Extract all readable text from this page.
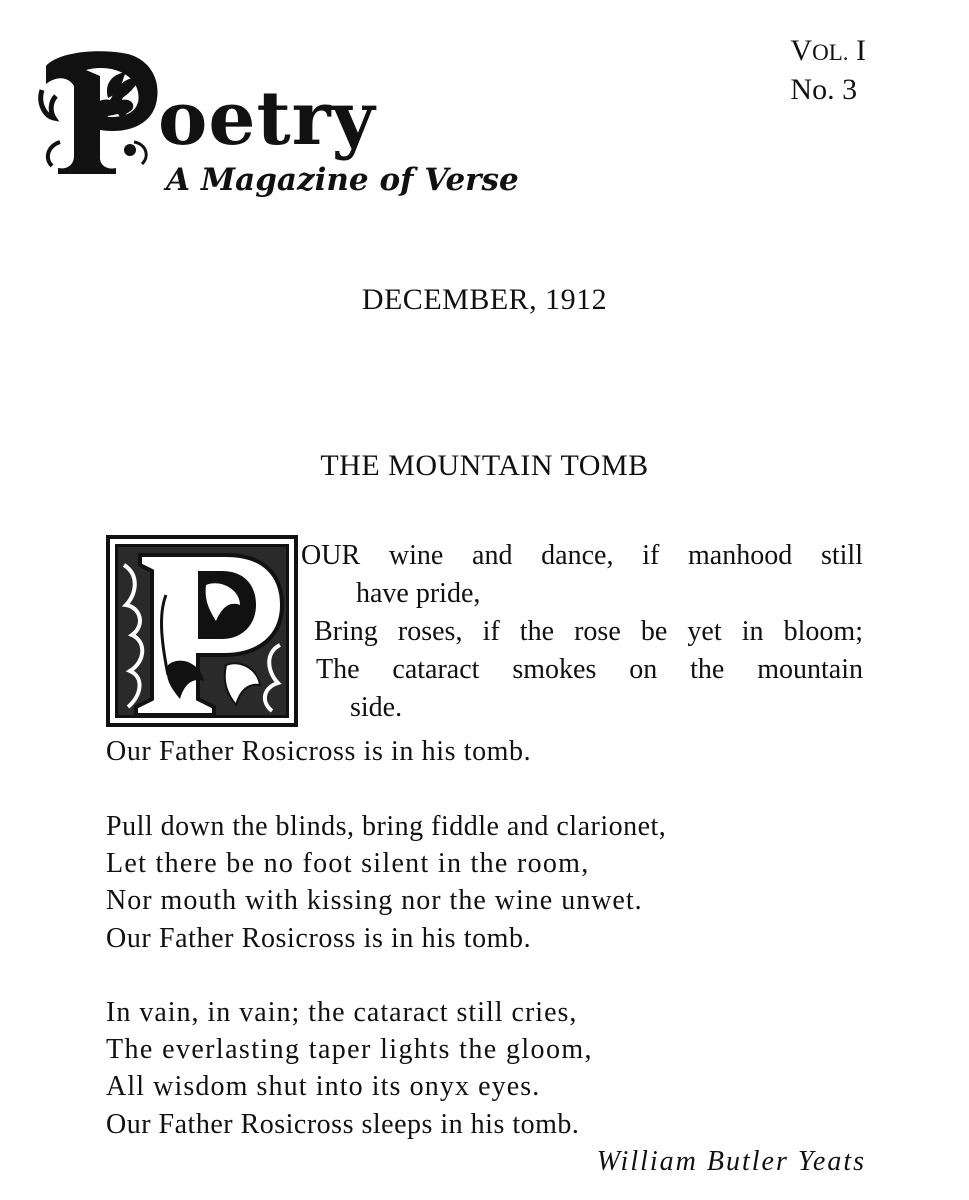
oetry
A Magazine of Verse
VOL. I
No. 3
DECEMBER, 1912
THE MOUNTAIN TOMB
OUR wine and dance, if manhood still
have pride,
Bring roses, if the rose be yet in bloom;
The cataract smokes on the mountain
side.
Our Father Rosicross is in his tomb.
Pull down the blinds, bring fiddle and clarionet,
Let there be no foot silent in the room,
Nor mouth with kissing nor the wine unwet.
Our Father Rosicross is in his tomb.
In vain, in vain; the cataract still cries,
The everlasting taper lights the gloom,
All wisdom shut into its onyx eyes.
Our Father Rosicross sleeps in his tomb.
William Butler Yeats
